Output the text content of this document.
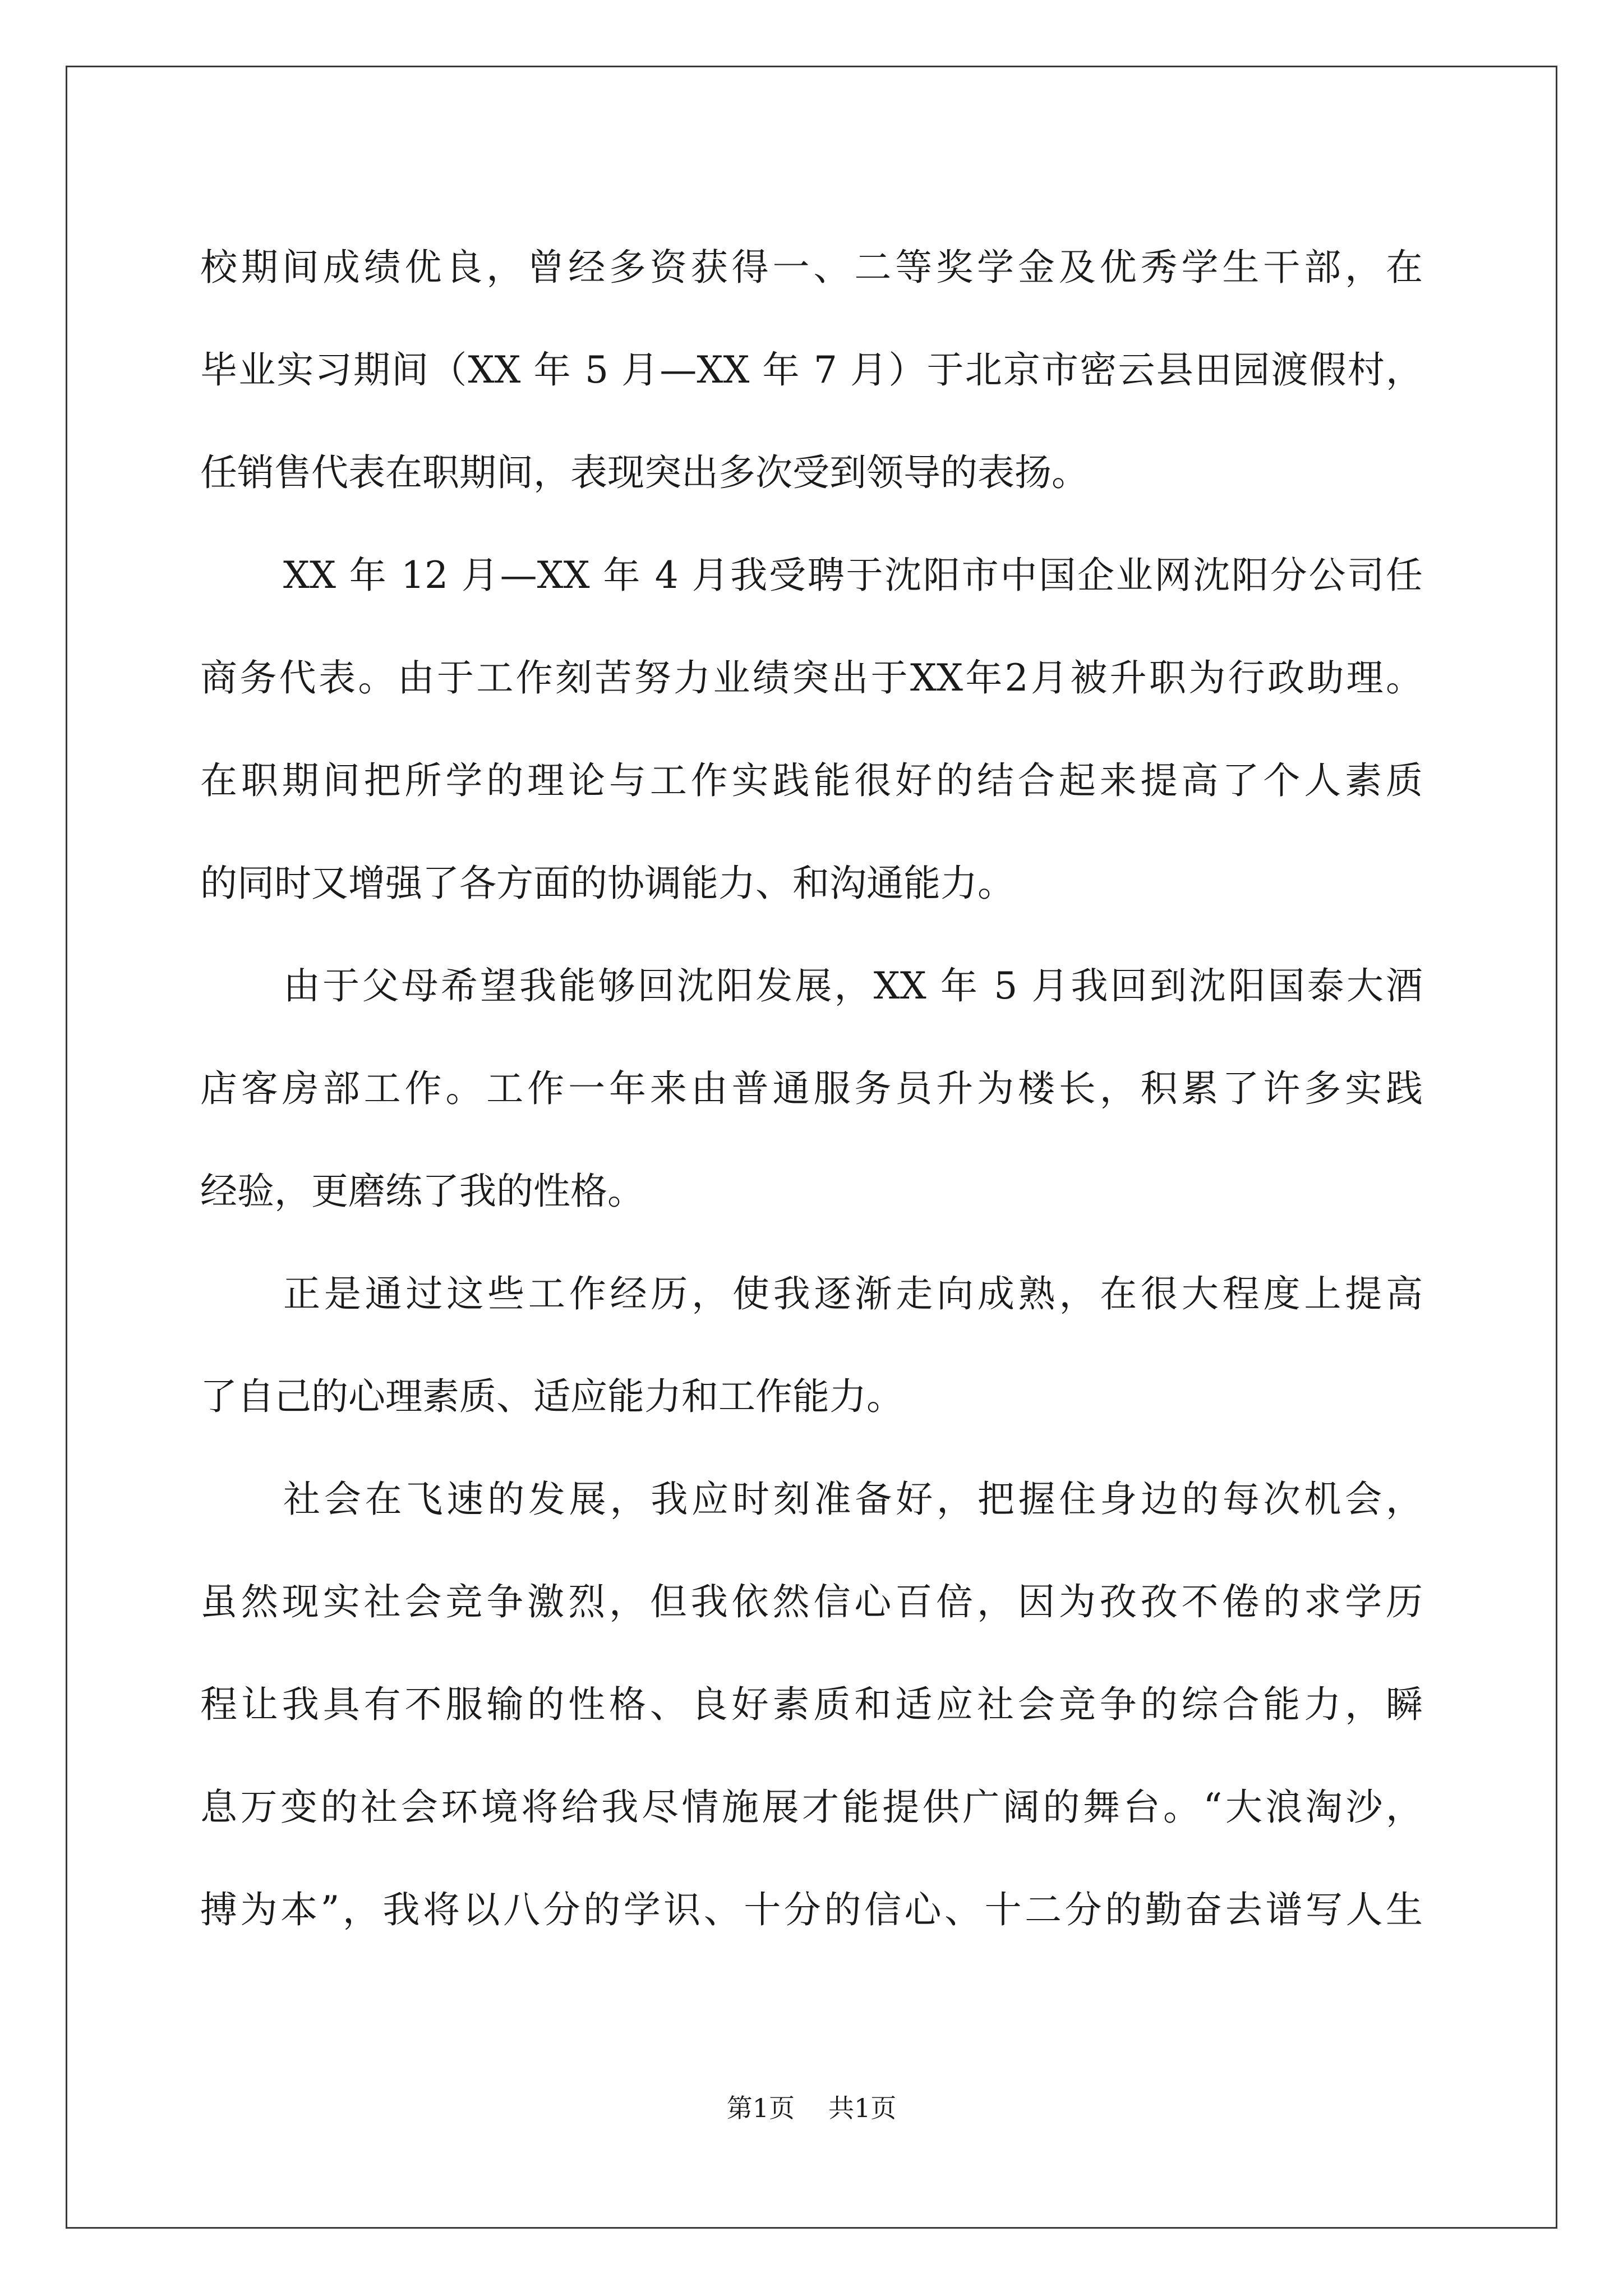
校期间成绩优良，曾经多资获得一、二等奖学金及优秀学生干部，在
毕业实习期间（XX 年 5 月—XX 年 7 月）于北京市密云县田园渡假村，
任销售代表在职期间，表现突出多次受到领导的表扬。
XX 年 12 月—XX 年 4 月我受聘于沈阳市中国企业网沈阳分公司任
商务代表。由于工作刻苦努力业绩突出于XX年2月被升职为行政助理。
在职期间把所学的理论与工作实践能很好的结合起来提高了个人素质
的同时又增强了各方面的协调能力、和沟通能力。
由于父母希望我能够回沈阳发展，XX 年 5 月我回到沈阳国泰大酒
店客房部工作。工作一年来由普通服务员升为楼长，积累了许多实践
经验，更磨练了我的性格。
正是通过这些工作经历，使我逐渐走向成熟，在很大程度上提高
了自己的心理素质、适应能力和工作能力。
社会在飞速的发展，我应时刻准备好，把握住身边的每次机会，
虽然现实社会竞争激烈，但我依然信心百倍，因为孜孜不倦的求学历
程让我具有不服输的性格、良好素质和适应社会竞争的综合能力，瞬
息万变的社会环境将给我尽情施展才能提供广阔的舞台。“大浪淘沙，
搏为本”，我将以八分的学识、十分的信心、十二分的勤奋去谱写人生
第1页 共1页
